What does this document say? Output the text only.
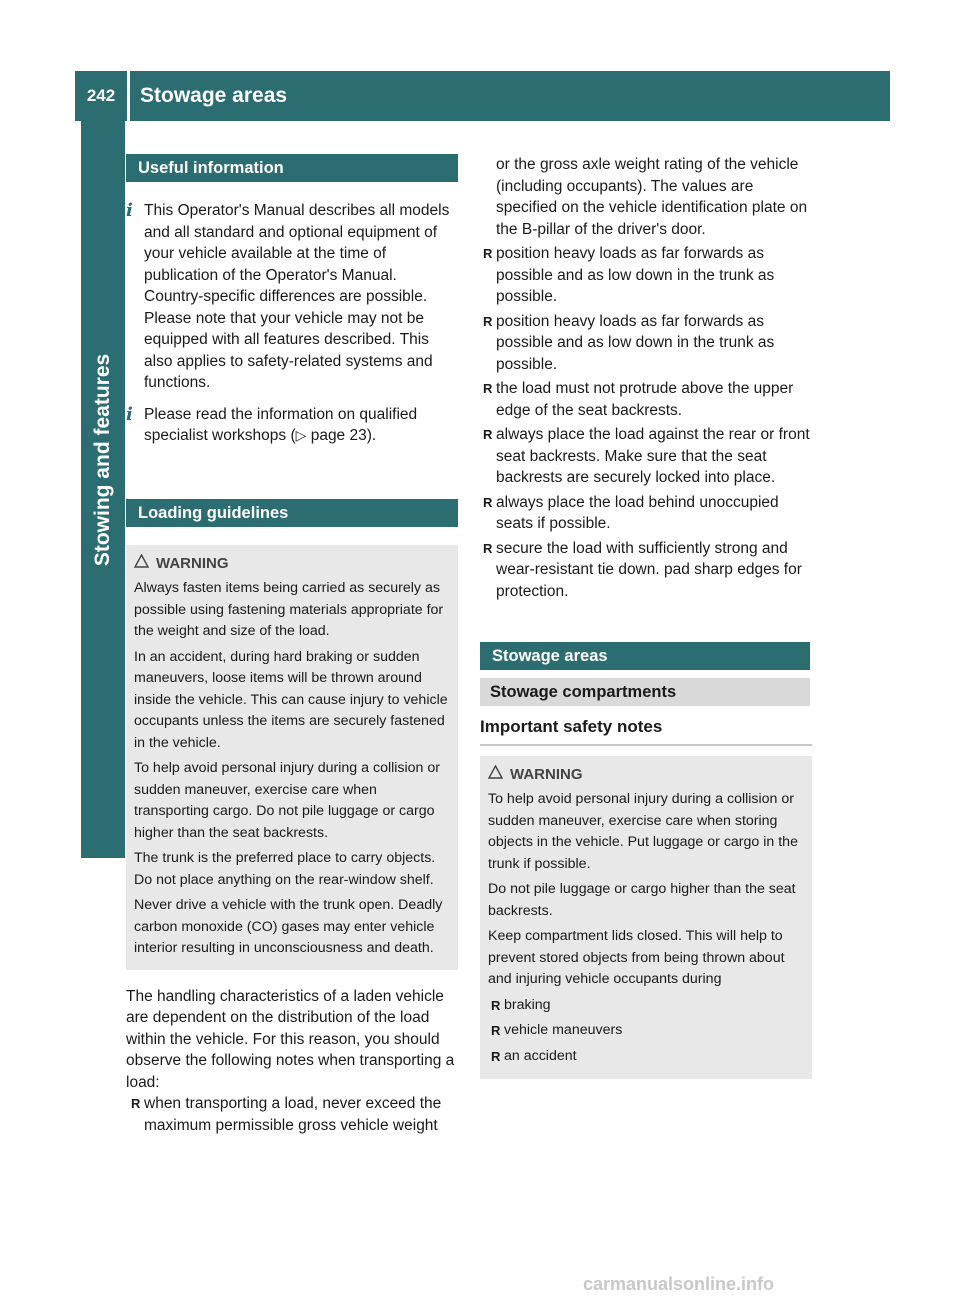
242	Stowage areas
Stowing and features
Useful information
i This Operator's Manual describes all models and all standard and optional equipment of your vehicle available at the time of publication of the Operator's Manual. Country-specific differences are possible. Please note that your vehicle may not be equipped with all features described. This also applies to safety-related systems and functions.

i Please read the information on qualified specialist workshops (▷ page 23).

Loading guidelines
WARNING

Always fasten items being carried as securely as possible using fastening materials appropriate for the weight and size of the load.

In an accident, during hard braking or sudden maneuvers, loose items will be thrown around inside the vehicle. This can cause injury to vehicle occupants unless the items are securely fastened in the vehicle.

To help avoid personal injury during a collision or sudden maneuver, exercise care when transporting cargo. Do not pile luggage or cargo higher than the seat backrests.

The trunk is the preferred place to carry objects. Do not place anything on the rear-window shelf.

Never drive a vehicle with the trunk open. Deadly carbon monoxide (CO) gases may enter vehicle interior resulting in unconsciousness and death.

The handling characteristics of a laden vehicle are dependent on the distribution of the load within the vehicle. For this reason, you should observe the following notes when transporting a load:

R when transporting a load, never exceed the maximum permissible gross vehicle weight

or the gross axle weight rating of the vehicle (including occupants). The values are specified on the vehicle identification plate on the B-pillar of the driver's door.

R position heavy loads as far forwards as possible and as low down in the trunk as possible.
R position heavy loads as far forwards as possible and as low down in the trunk as possible.
R the load must not protrude above the upper edge of the seat backrests.
R always place the load against the rear or front seat backrests. Make sure that the seat backrests are securely locked into place.
R always place the load behind unoccupied seats if possible.
R secure the load with sufficiently strong and wear-resistant tie down. pad sharp edges for protection.
Stowage areas
Stowage compartments
Important safety notes
WARNING

To help avoid personal injury during a collision or sudden maneuver, exercise care when storing objects in the vehicle. Put luggage or cargo in the trunk if possible.

Do not pile luggage or cargo higher than the seat backrests.

Keep compartment lids closed. This will help to prevent stored objects from being thrown about and injuring vehicle occupants during

R braking
R vehicle maneuvers
R an accident
carmanualsonline.info
